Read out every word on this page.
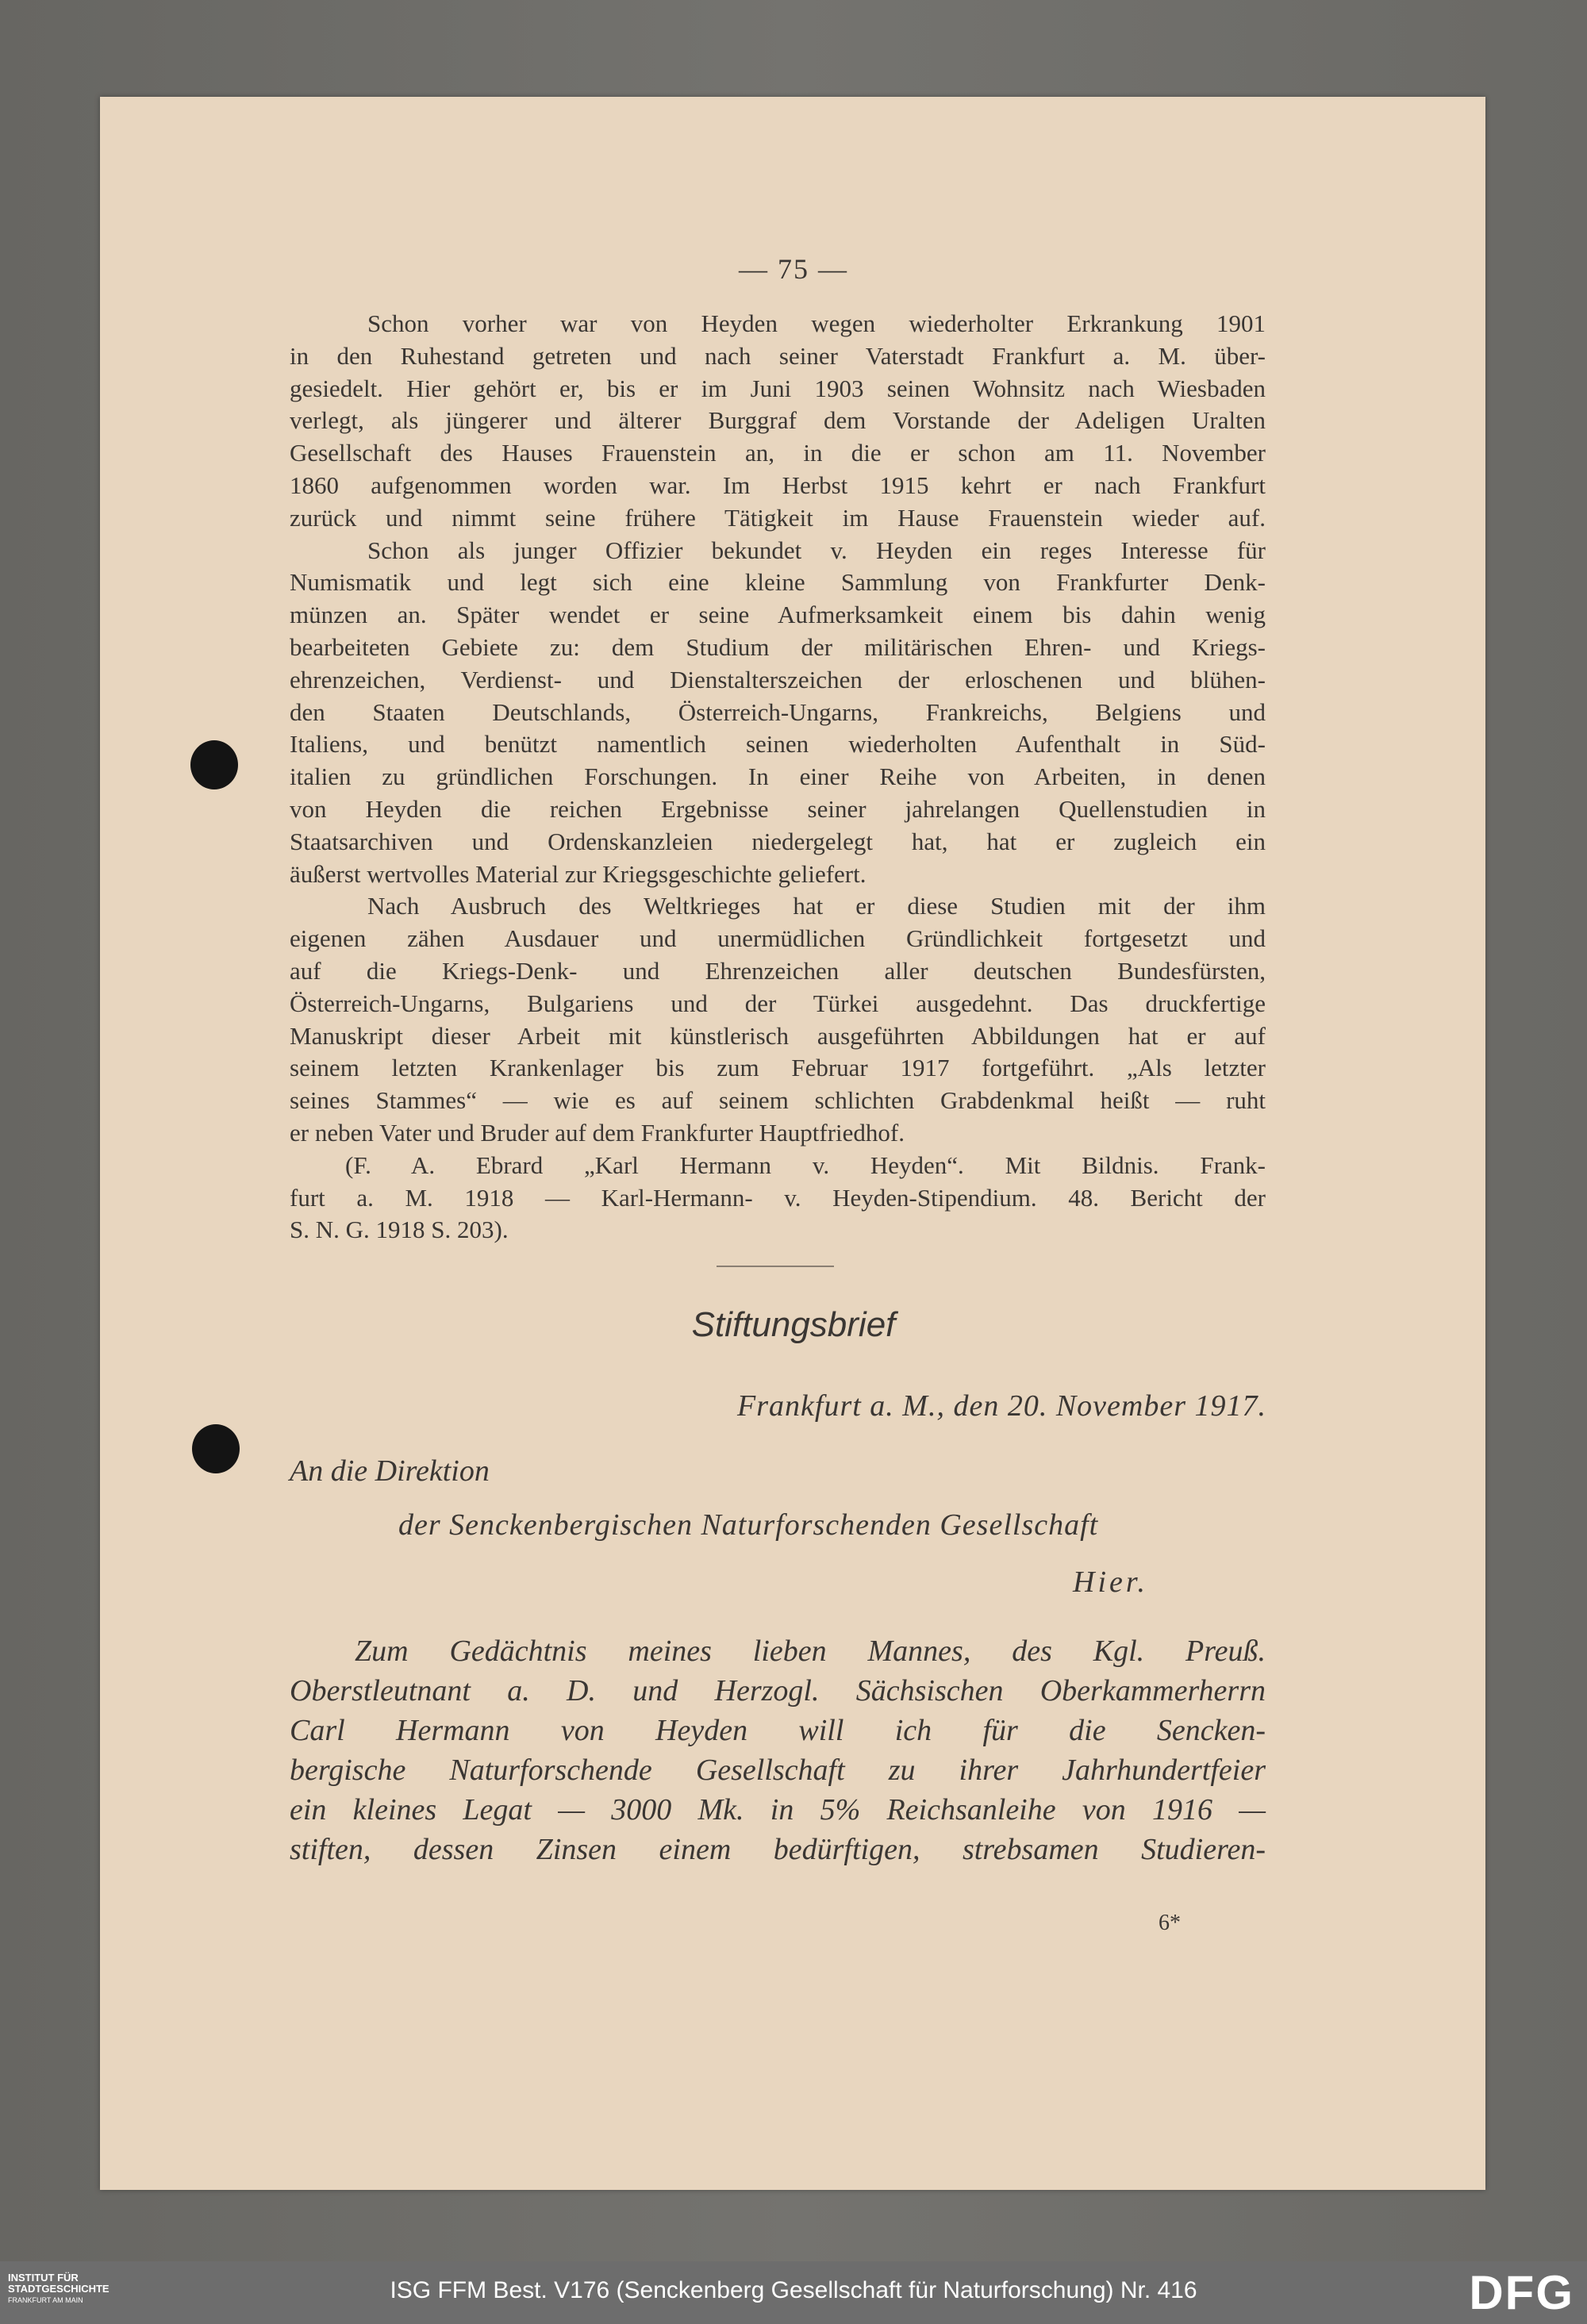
— 75 —
Schon vorher war von Heyden wegen wiederholter Erkrankung 1901
in den Ruhestand getreten und nach seiner Vaterstadt Frankfurt a. M. über-
gesiedelt. Hier gehört er, bis er im Juni 1903 seinen Wohnsitz nach Wiesbaden
verlegt, als jüngerer und älterer Burggraf dem Vorstande der Adeligen Uralten
Gesellschaft des Hauses Frauenstein an, in die er schon am 11. November
1860 aufgenommen worden war. Im Herbst 1915 kehrt er nach Frankfurt
zurück und nimmt seine frühere Tätigkeit im Hause Frauenstein wieder auf.
Schon als junger Offizier bekundet v. Heyden ein reges Interesse für
Numismatik und legt sich eine kleine Sammlung von Frankfurter Denk-
münzen an. Später wendet er seine Aufmerksamkeit einem bis dahin wenig
bearbeiteten Gebiete zu: dem Studium der militärischen Ehren- und Kriegs-
ehrenzeichen, Verdienst- und Dienstalterszeichen der erloschenen und blühen-
den Staaten Deutschlands, Österreich-Ungarns, Frankreichs, Belgiens und
Italiens, und benützt namentlich seinen wiederholten Aufenthalt in Süd-
italien zu gründlichen Forschungen. In einer Reihe von Arbeiten, in denen
von Heyden die reichen Ergebnisse seiner jahrelangen Quellenstudien in
Staatsarchiven und Ordenskanzleien niedergelegt hat, hat er zugleich ein
äußerst wertvolles Material zur Kriegsgeschichte geliefert.
Nach Ausbruch des Weltkrieges hat er diese Studien mit der ihm
eigenen zähen Ausdauer und unermüdlichen Gründlichkeit fortgesetzt und
auf die Kriegs-Denk- und Ehrenzeichen aller deutschen Bundesfürsten,
Österreich-Ungarns, Bulgariens und der Türkei ausgedehnt. Das druckfertige
Manuskript dieser Arbeit mit künstlerisch ausgeführten Abbildungen hat er auf
seinem letzten Krankenlager bis zum Februar 1917 fortgeführt. „Als letzter
seines Stammes“ — wie es auf seinem schlichten Grabdenkmal heißt — ruht
er neben Vater und Bruder auf dem Frankfurter Hauptfriedhof.
(F. A. Ebrard „Karl Hermann v. Heyden“. Mit Bildnis. Frank-
furt a. M. 1918 — Karl-Hermann- v. Heyden-Stipendium. 48. Bericht der
S. N. G. 1918 S. 203).
Stiftungsbrief
Frankfurt a. M., den 20. November 1917.
An die Direktion
der Senckenbergischen Naturforschenden Gesellschaft
Hier.
Zum Gedächtnis meines lieben Mannes, des Kgl. Preuß.
Oberstleutnant a. D. und Herzogl. Sächsischen Oberkammerherrn
Carl Hermann von Heyden will ich für die Sencken-
bergische Naturforschende Gesellschaft zu ihrer Jahrhundertfeier
ein kleines Legat — 3000 Mk. in 5% Reichsanleihe von 1916 —
stiften, dessen Zinsen einem bedürftigen, strebsamen Studieren-
6*
INSTITUT FÜR
STADTGESCHICHTE
FRANKFURT AM MAIN	ISG FFM Best. V176 (Senckenberg Gesellschaft für Naturforschung) Nr. 416	DFG
